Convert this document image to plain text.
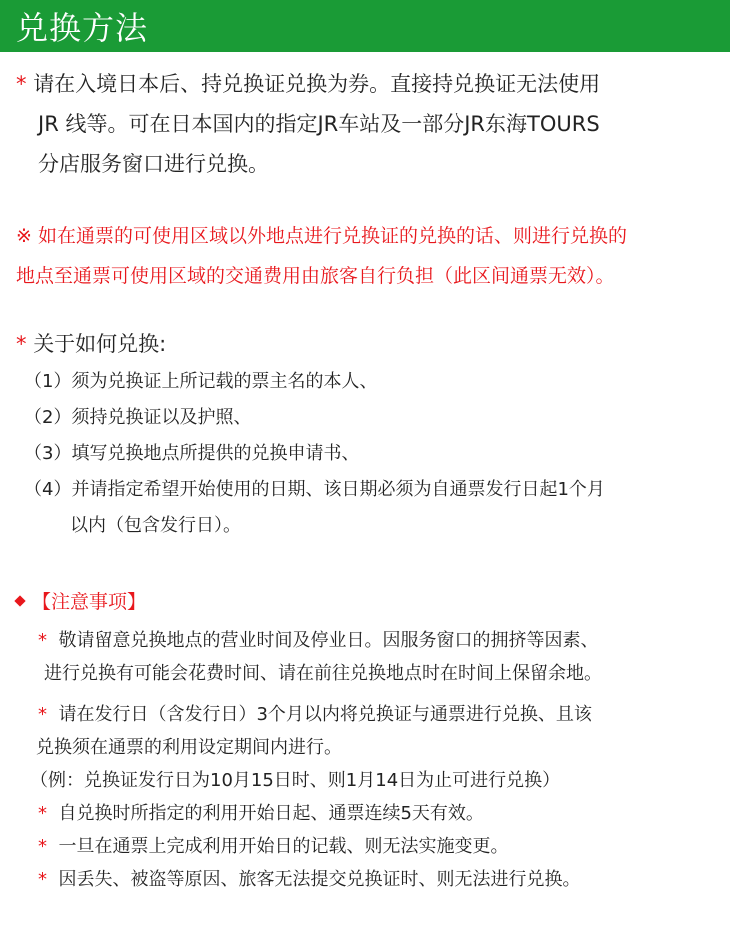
兑换方法
* 请在入境日本后、持兑换证兑换为券。直接持兑换证无法使用
JR 线等。可在日本国内的指定JR车站及一部分JR东海TOURS
分店服务窗口进行兑换。
※ 如在通票的可使用区域以外地点进行兑换证的兑换的话、则进行兑换的
地点至通票可使用区域的交通费用由旅客自行负担（此区间通票无效）。
* 关于如何兑换:
（1）须为兑换证上所记载的票主名的本人、
（2）须持兑换证以及护照、
（3）填写兑换地点所提供的兑换申请书、
（4）并请指定希望开始使用的日期、该日期必须为自通票发行日起1个月
以内（包含发行日）。
【注意事项】
* 敬请留意兑换地点的营业时间及停业日。因服务窗口的拥挤等因素、
进行兑换有可能会花费时间、请在前往兑换地点时在时间上保留余地。
* 请在发行日（含发行日）3个月以内将兑换证与通票进行兑换、且该
兑换须在通票的利用设定期间内进行。
（例：兑换证发行日为10月15日时、则1月14日为止可进行兑换）
* 自兑换时所指定的利用开始日起、通票连续5天有效。
* 一旦在通票上完成利用开始日的记载、则无法实施变更。
* 因丢失、被盗等原因、旅客无法提交兑换证时、则无法进行兑换。
